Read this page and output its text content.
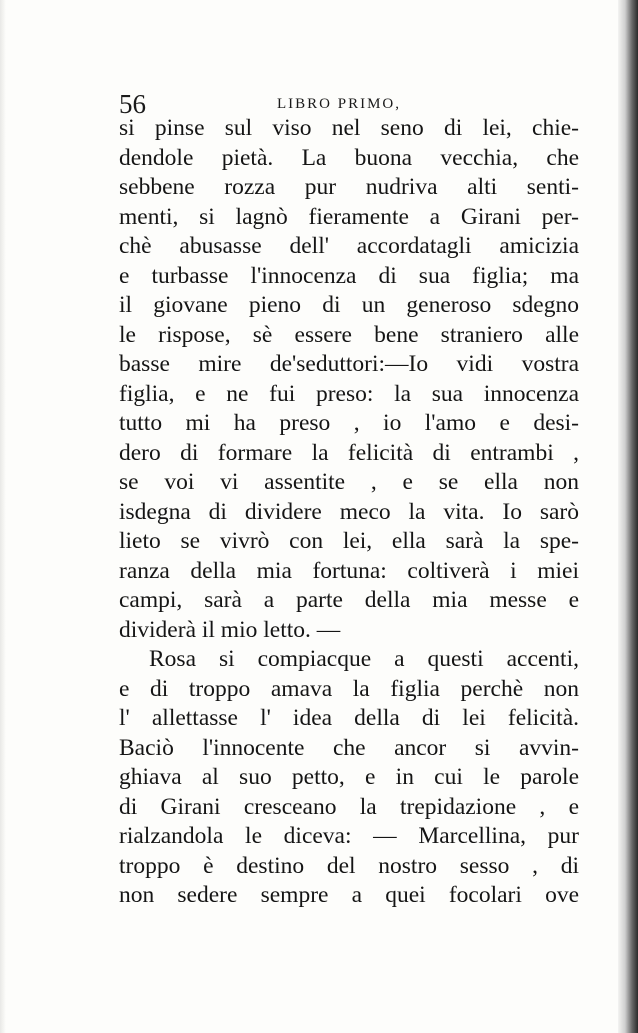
56	LIBRO PRIMO,
si pinse sul viso nel seno di lei, chie-
dendole pietà. La buona vecchia, che
sebbene rozza pur nudriva alti senti-
menti, si lagnò fieramente a Girani per-
chè abusasse dell' accordatagli amicizia
e turbasse l'innocenza di sua figlia; ma
il giovane pieno di un generoso sdegno
le rispose, sè essere bene straniero alle
basse mire de'seduttori:—Io vidi vostra
figlia, e ne fui preso: la sua innocenza
tutto mi ha preso , io l'amo e desi-
dero di formare la felicità di entrambi ,
se voi vi assentite , e se ella non
isdegna di dividere meco la vita. Io sarò
lieto se vivrò con lei, ella sarà la spe-
ranza della mia fortuna: coltiverà i miei
campi, sarà a parte della mia messe e
dividerà il mio letto. —
Rosa si compiacque a questi accenti,
e di troppo amava la figlia perchè non
l' allettasse l' idea della di lei felicità.
Baciò l'innocente che ancor si avvin-
ghiava al suo petto, e in cui le parole
di Girani cresceano la trepidazione , e
rialzandola le diceva: — Marcellina, pur
troppo è destino del nostro sesso , di
non sedere sempre a quei focolari ove
